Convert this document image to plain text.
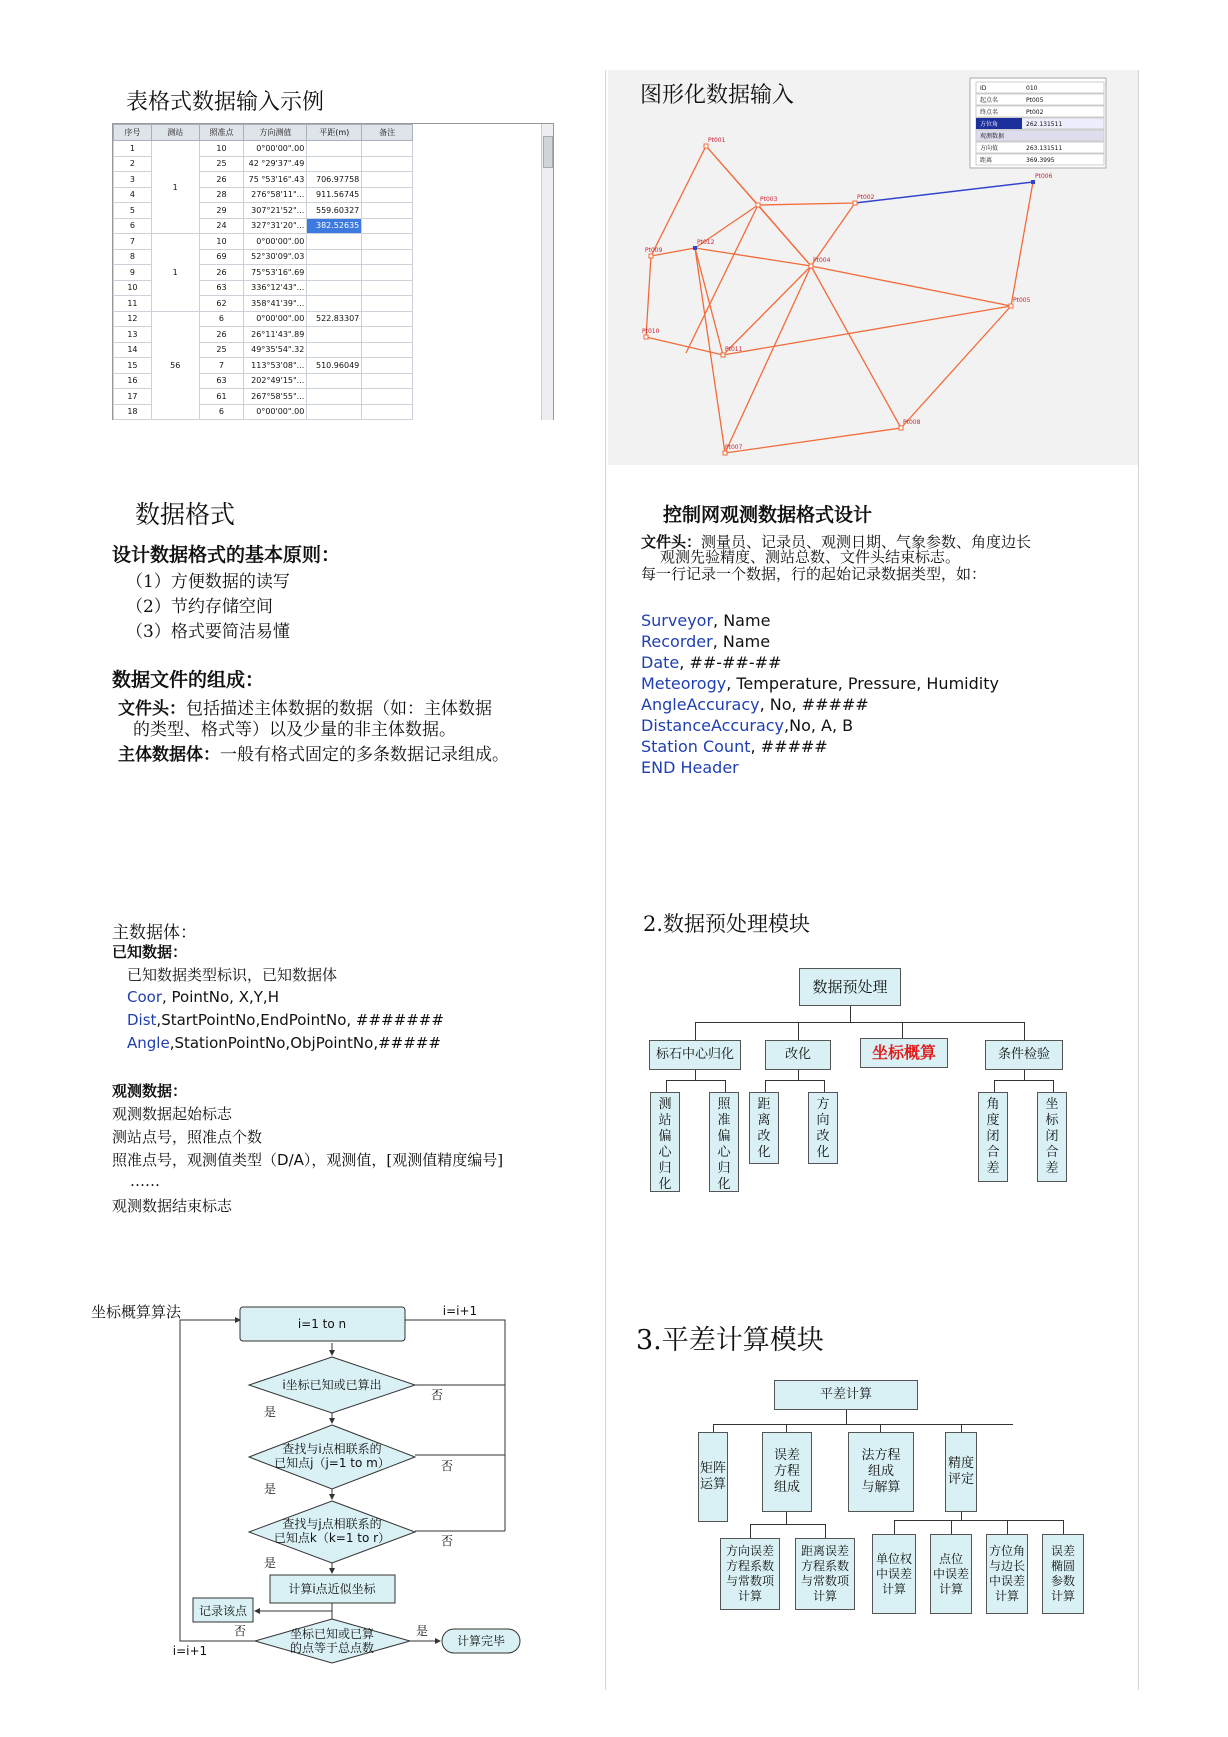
表格式数据输入示例
序号	测站	照准点	方向测值	平距(m)	备注
1	1	10	0°00'00".00		
2		25	42 °29'37".49		
3		26	75 °53'16".43	706.97758	
4		28	276°58'11"...	911.56745	
5		29	307°21'52"...	559.60327	
6		24	327°31'20"...	382.52635	
7	1	10	0°00'00".00		
8		69	52°30'09".03		
9		26	75°53'16".69		
10		63	336°12'43"...		
11		62	358°41'39"...		
12	56	6	0°00'00".00	522.83307	
13		26	26°11'43".89		
14		25	49°35'54".32		
15		7	113°53'08"...	510.96049	
16		63	202°49'15"...		
17		61	267°58'55"...		
18		6	0°00'00".00		
图形化数据输入
Pt001
Pt003	Pt002
Pt006
Pt012
Pt009
Pt004
Pt005
Pt010
Pt011
Pt008
Pt007
ID	010
起点名	Pt005
终点名	Pt002
方位角	262.131511
观测数据
方向值	263.131511
距离	369.3995
数据格式
设计数据格式的基本原则：
（1）方便数据的读写
（2）节约存储空间
（3）格式要简洁易懂
数据文件的组成：
文件头：包括描述主体数据的数据（如：主体数据
的类型、格式等）以及少量的非主体数据。
主体数据体：一般有格式固定的多条数据记录组成。
控制网观测数据格式设计
文件头：测量员、记录员、观测日期、气象参数、角度边长
观测先验精度、测站总数、文件头结束标志。
每一行记录一个数据，行的起始记录数据类型，如：
Surveyor, Name
Recorder, Name
Date, ##-##-##
Meteorogy, Temperature, Pressure, Humidity
AngleAccuracy, No, #####
DistanceAccuracy,No, A, B
Station Count, #####
END Header
主数据体：
已知数据：
已知数据类型标识，已知数据体
Coor, PointNo, X,Y,H
Dist,StartPointNo,EndPointNo, #######
Angle,StationPointNo,ObjPointNo,#####
观测数据：
观测数据起始标志
测站点号，照准点个数
照准点号，观测值类型（D/A），观测值，[观测值精度编号]
……
观测数据结束标志
2.数据预处理模块
数据预处理
标石中心归化	改化	坐标概算	条件检验
测
站
偏
心
归
化
照
准
偏
心
归
化
距
离
改
化
方
向
改
化
角
度
闭
合
差
坐
标
闭
合
差
坐标概算算法
i=1 to n
i坐标已知或已算出
查找与i点相联系的
已知点j（j=1 to m）
查找与j点相联系的
已知点k（k=1 to r）
计算i点近似坐标
记录该点
坐标已知或已算
的点等于总点数	计算完毕
是
是
是
是
否
否
否
否
i=i+1
i=i+1
3.平差计算模块
平差计算
矩阵运算
误差
方程
组成
法方程
组成
与解算
精度
评定
方向误差
方程系数
与常数项
计算
距离误差
方程系数
与常数项
计算
单位权
中误差
计算
点位
中误差
计算
方位角
与边长
中误差
计算
误差
椭圆
参数
计算
